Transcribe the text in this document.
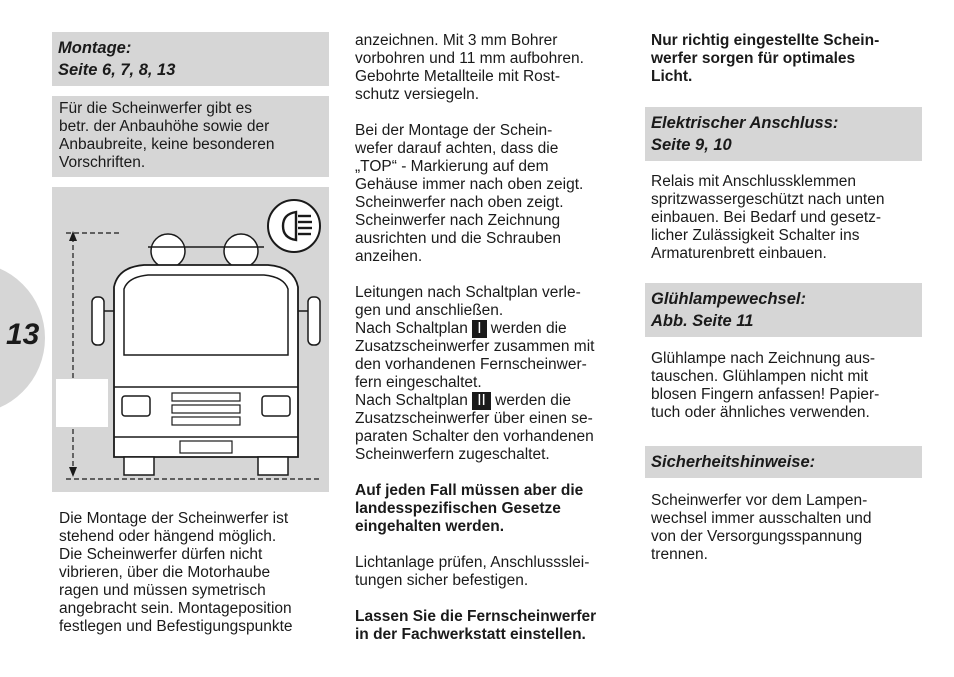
13
Montage:
Seite 6, 7, 8, 13
Für die Scheinwerfer gibt es
betr. der Anbauhöhe sowie der
Anbaubreite, keine besonderen
Vorschriften.
Die Montage der Scheinwerfer ist
stehend oder hängend möglich.
Die Scheinwerfer dürfen nicht
vibrieren, über die Motorhaube
ragen und müssen symetrisch
angebracht sein. Montageposition
festlegen und Befestigungspunkte
anzeichnen. Mit 3 mm Bohrer
vorbohren und 11 mm aufbohren.
Gebohrte Metallteile mit Rost-
schutz versiegeln.
Bei der Montage der Schein-
wefer darauf achten, dass die
„TOP“ - Markierung auf dem
Gehäuse immer nach oben zeigt.
Scheinwerfer nach oben zeigt.
Scheinwerfer nach Zeichnung
ausrichten und die Schrauben
anzeihen.
Leitungen nach Schaltplan verle-
gen und anschließen.
Nach Schaltplan I werden die
Zusatzscheinwerfer zusammen mit
den vorhandenen Fernscheinwer-
fern eingeschaltet.
Nach Schaltplan II werden die
Zusatzscheinwerfer über einen se-
paraten Schalter den vorhandenen
Scheinwerfern zugeschaltet.
Auf jeden Fall müssen aber die
landesspezifischen Gesetze
eingehalten werden.
Lichtanlage prüfen, Anschlussslei-
tungen sicher befestigen.
Lassen Sie die Fernscheinwerfer
in der Fachwerkstatt einstellen.
Nur richtig eingestellte Schein-
werfer sorgen für optimales
Licht.
Elektrischer Anschluss:
Seite 9, 10
Relais mit Anschlussklemmen
spritzwassergeschützt nach unten
einbauen. Bei Bedarf und gesetz-
licher Zulässigkeit Schalter ins
Armaturenbrett einbauen.
Glühlampewechsel:
Abb. Seite 11
Glühlampe nach Zeichnung aus-
tauschen. Glühlampen nicht mit
blosen Fingern anfassen! Papier-
tuch oder ähnliches verwenden.
Sicherheitshinweise:
Scheinwerfer vor dem Lampen-
wechsel immer ausschalten und
von der Versorgungsspannung
trennen.
